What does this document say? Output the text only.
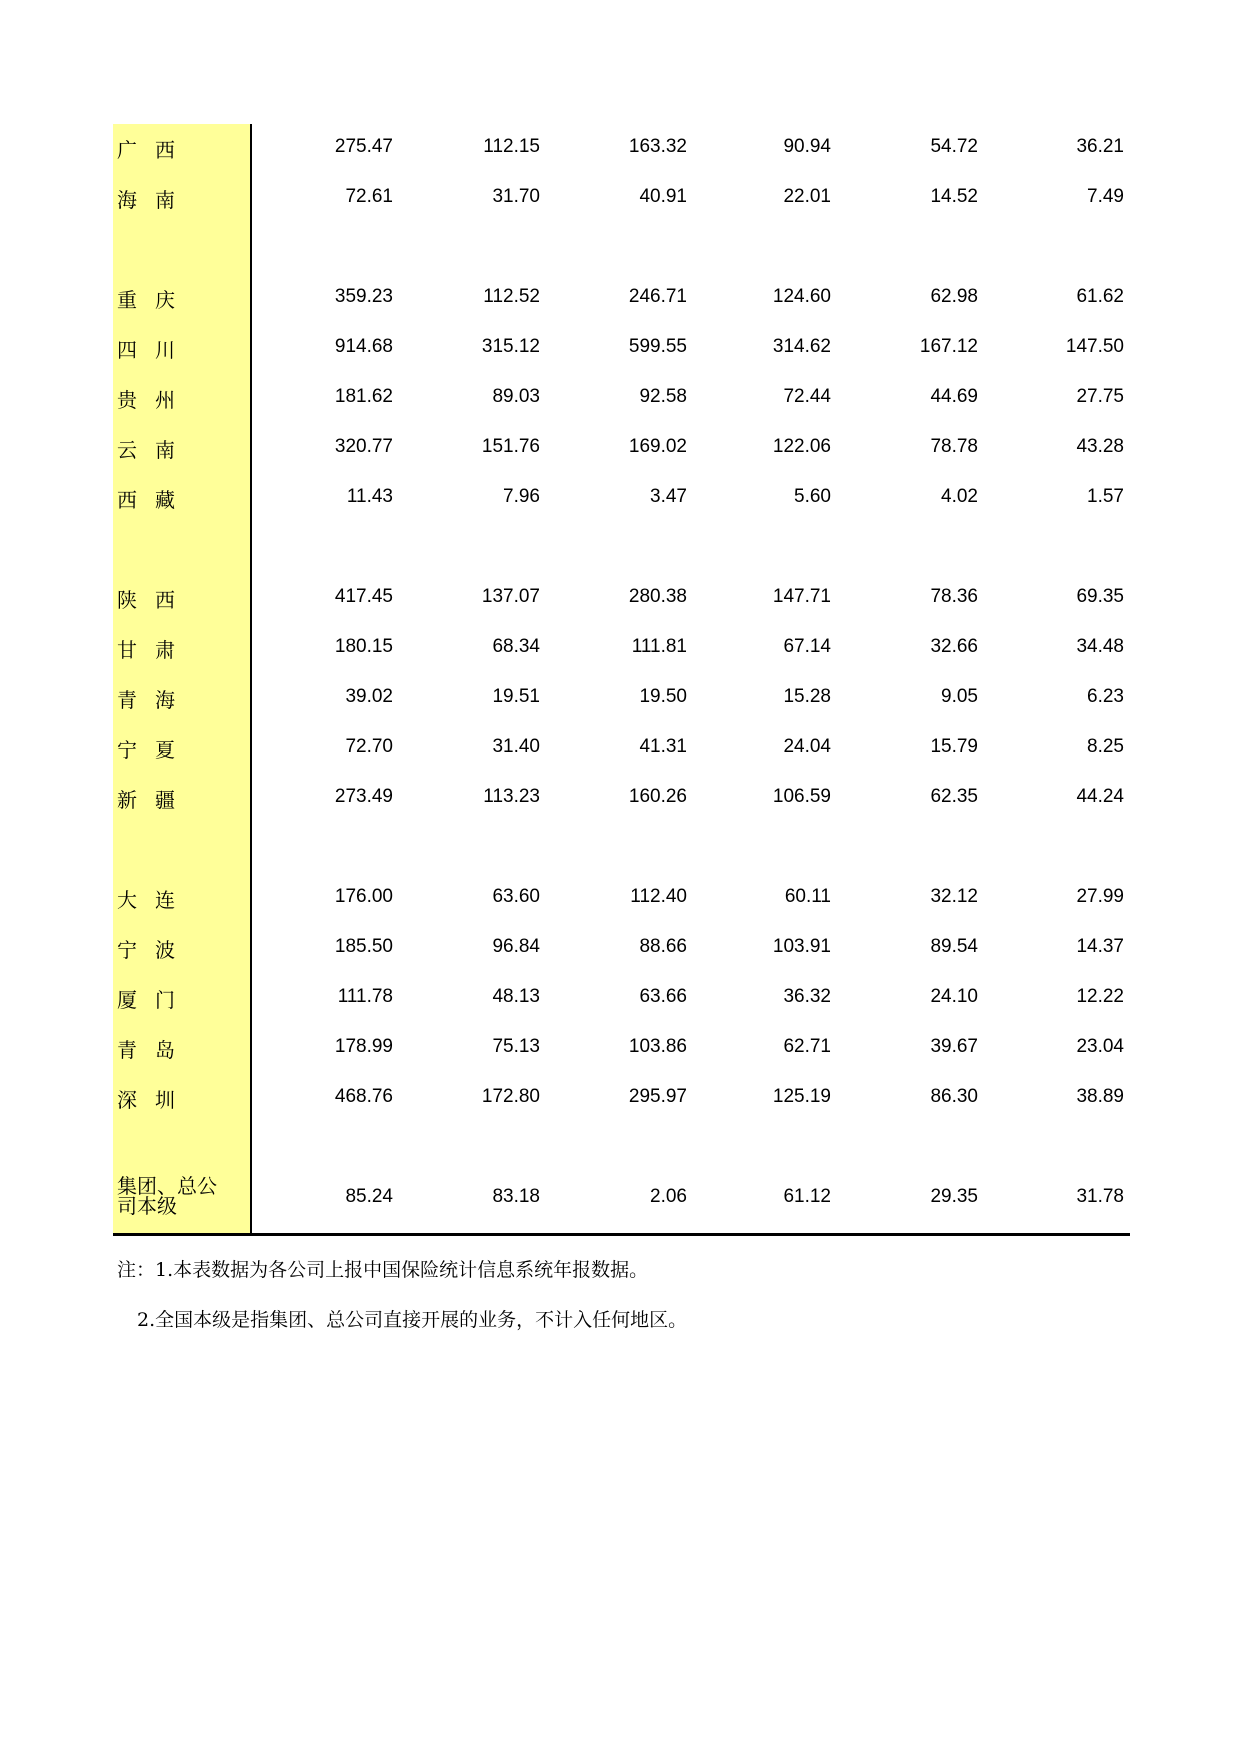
广西	275.47	112.15	163.32	90.94	54.72	36.21
海南	72.61	31.70	40.91	22.01	14.52	7.49
重庆	359.23	112.52	246.71	124.60	62.98	61.62
四川	914.68	315.12	599.55	314.62	167.12	147.50
贵州	181.62	89.03	92.58	72.44	44.69	27.75
云南	320.77	151.76	169.02	122.06	78.78	43.28
西藏	11.43	7.96	3.47	5.60	4.02	1.57
陕西	417.45	137.07	280.38	147.71	78.36	69.35
甘肃	180.15	68.34	111.81	67.14	32.66	34.48
青海	39.02	19.51	19.50	15.28	9.05	6.23
宁夏	72.70	31.40	41.31	24.04	15.79	8.25
新疆	273.49	113.23	160.26	106.59	62.35	44.24
大连	176.00	63.60	112.40	60.11	32.12	27.99
宁波	185.50	96.84	88.66	103.91	89.54	14.37
厦门	111.78	48.13	63.66	36.32	24.10	12.22
青岛	178.99	75.13	103.86	62.71	39.67	23.04
深圳	468.76	172.80	295.97	125.19	86.30	38.89
集团、总公司本级	85.24	83.18	2.06	61.12	29.35	31.78
注：1.本表数据为各公司上报中国保险统计信息系统年报数据。
2.全国本级是指集团、总公司直接开展的业务，不计入任何地区。
